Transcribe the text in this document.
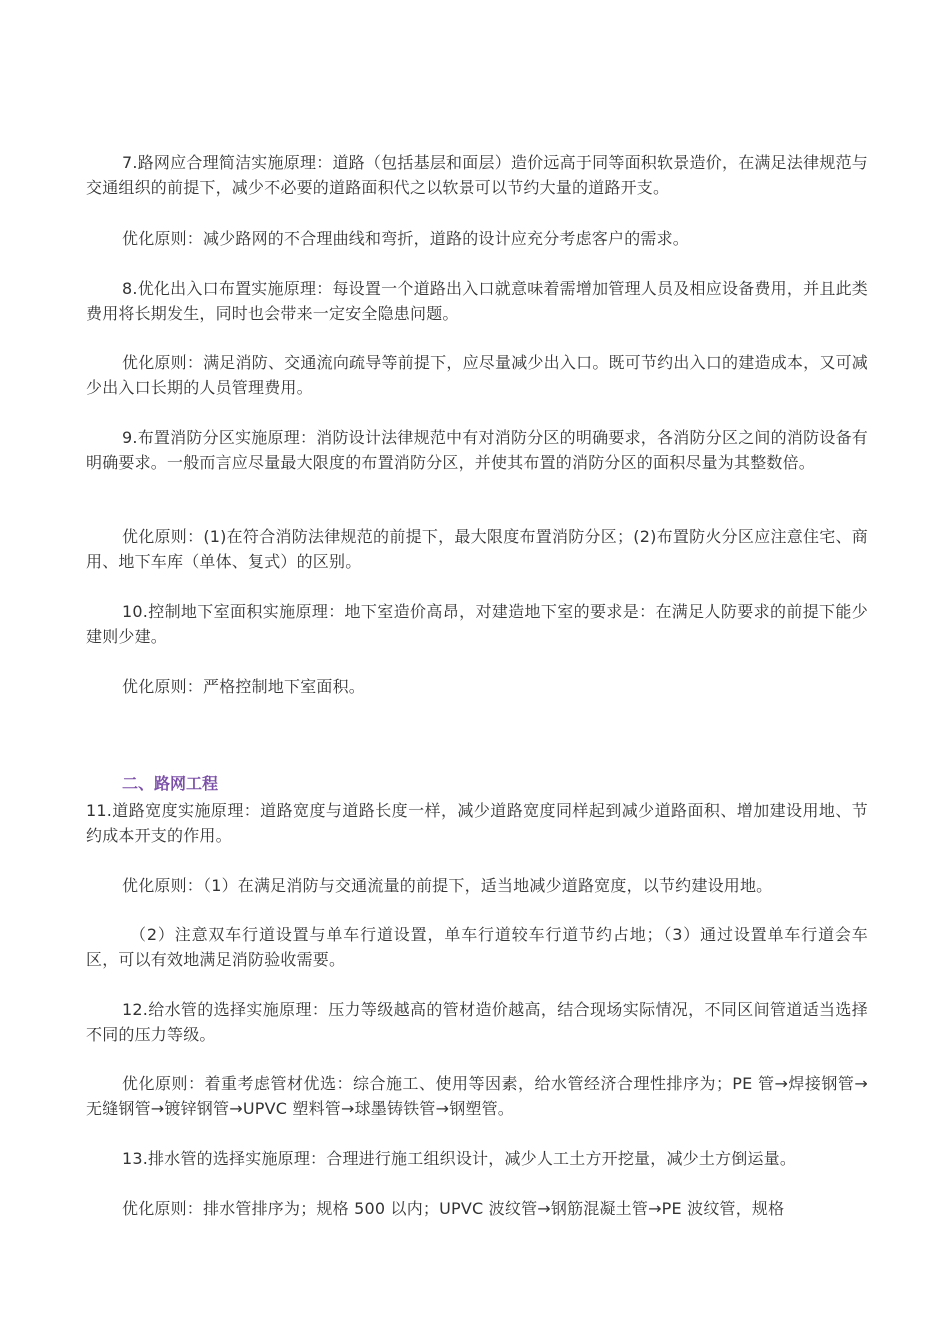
7.路网应合理简洁实施原理：道路（包括基层和面层）造价远高于同等面积软景造价，在满足法律规范与交通组织的前提下，减少不必要的道路面积代之以软景可以节约大量的道路开支。

优化原则：减少路网的不合理曲线和弯折，道路的设计应充分考虑客户的需求。

8.优化出入口布置实施原理：每设置一个道路出入口就意味着需增加管理人员及相应设备费用，并且此类费用将长期发生，同时也会带来一定安全隐患问题。

优化原则：满足消防、交通流向疏导等前提下，应尽量减少出入口。既可节约出入口的建造成本，又可减少出入口长期的人员管理费用。

9.布置消防分区实施原理：消防设计法律规范中有对消防分区的明确要求，各消防分区之间的消防设备有明确要求。一般而言应尽量最大限度的布置消防分区，并使其布置的消防分区的面积尽量为其整数倍。

优化原则：(1)在符合消防法律规范的前提下，最大限度布置消防分区；(2)布置防火分区应注意住宅、商用、地下车库（单体、复式）的区别。

10.控制地下室面积实施原理：地下室造价高昂，对建造地下室的要求是：在满足人防要求的前提下能少建则少建。

优化原则：严格控制地下室面积。

二、路网工程

11.道路宽度实施原理：道路宽度与道路长度一样，减少道路宽度同样起到减少道路面积、增加建设用地、节约成本开支的作用。

优化原则：（1）在满足消防与交通流量的前提下，适当地减少道路宽度，以节约建设用地。

（2）注意双车行道设置与单车行道设置，单车行道较车行道节约占地；（3）通过设置单车行道会车区，可以有效地满足消防验收需要。

12.给水管的选择实施原理：压力等级越高的管材造价越高，结合现场实际情况，不同区间管道适当选择不同的压力等级。

优化原则：着重考虑管材优选：综合施工、使用等因素，给水管经济合理性排序为；PE 管→焊接钢管→无缝钢管→镀锌钢管→UPVC 塑料管→球墨铸铁管→钢塑管。

13.排水管的选择实施原理：合理进行施工组织设计，减少人工土方开挖量，减少土方倒运量。

优化原则：排水管排序为；规格 500 以内；UPVC 波纹管→钢筋混凝土管→PE 波纹管，规格
